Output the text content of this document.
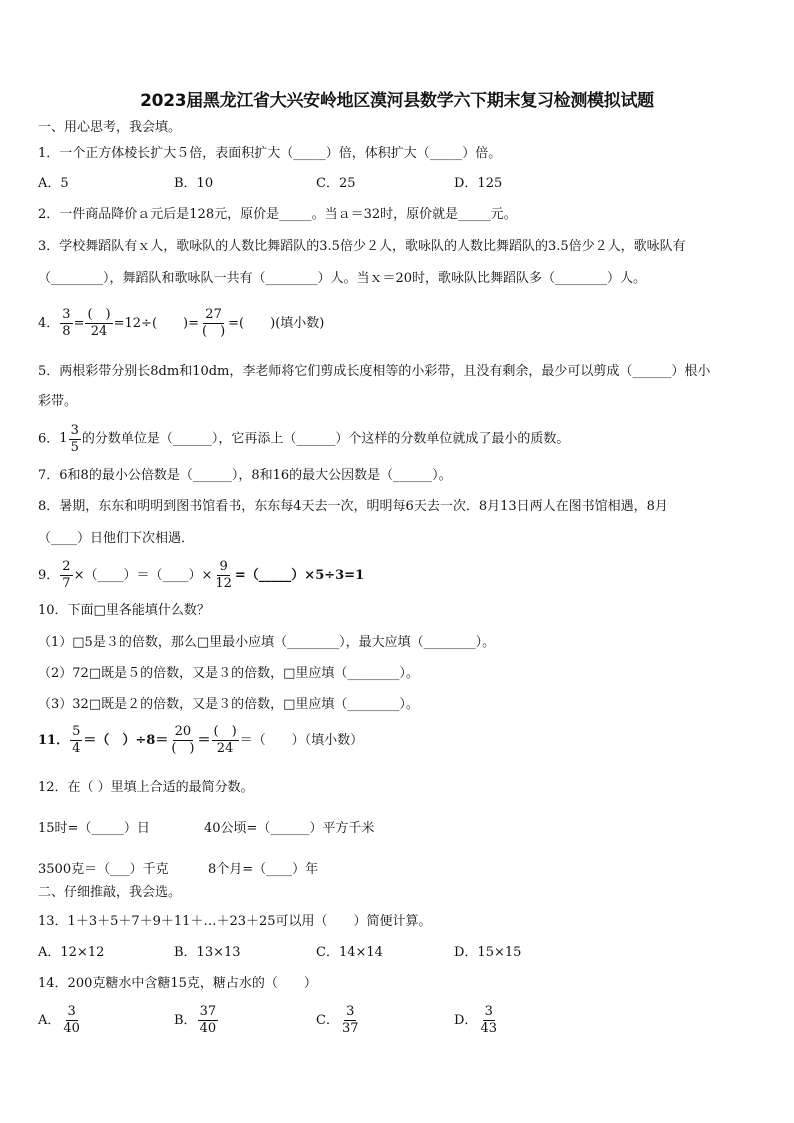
2023届黑龙江省大兴安岭地区漠河县数学六下期末复习检测模拟试题
一、用心思考，我会填。
1．一个正方体棱长扩大５倍，表面积扩大（_____）倍，体积扩大（_____）倍。
A．5	B．10	C．25	D．125
2．一件商品降价ａ元后是128元，原价是_____。当ａ＝32时，原价就是_____元。
3．学校舞蹈队有ｘ人，歌咏队的人数比舞蹈队的3.5倍少２人，歌咏队的人数比舞蹈队的3.5倍少２人，歌咏队有
（________），舞蹈队和歌咏队一共有（________）人。当ｘ＝20时，歌咏队比舞蹈队多（________）人。
4． $\frac{3}{8}$ =
(　)
24
=12÷(　　)=
27
(　)
=(　　)(填小数)
5．两根彩带分别长8dm和10dm，李老师将它们剪成长度相等的小彩带，且没有剩余，最少可以剪成（______）根小
彩带。
6． $1 \frac{3}{5}$ 的分数单位是（______），它再添上（______）个这样的分数单位就成了最小的质数。
7．6和8的最小公倍数是（______），8和16的最大公因数是（______）。
8．暑期，东东和明明到图书馆看书，东东每4天去一次，明明每6天去一次．8月13日两人在图书馆相遇，8月
（____）日他们下次相遇．
9． $\frac{2}{7}$ ×（____）＝（____）× $\frac{9}{12}$ =（_____）×5÷3=1
10．下面□里各能填什么数？
（1）□5是３的倍数，那么□里最小应填（________），最大应填（________）。
（2）72□既是５的倍数，又是３的倍数，□里应填（________）。
（3）32□既是２的倍数，又是３的倍数，□里应填（________）。
11． $\frac{5}{4}$ ＝（　）÷8＝
20
(　)
＝
(　)
24
＝（　　）（填小数）
12．在（ ）里填上合适的最简分数。
15时=（_____）日	40公顷=（______）平方千米
3500克＝（___）千克	8个月=（____）年
二、仔细推敲，我会选。
13．1＋3＋5＋7＋9＋11＋…＋23＋25可以用（　　）简便计算。
A．12×12	B．13×13	C．14×14	D．15×15
14．200克糖水中含糖15克，糖占水的（　　）
A． $\frac{3}{40}$	B． $\frac{37}{40}$	C． $\frac{3}{37}$	D． $\frac{3}{43}$
